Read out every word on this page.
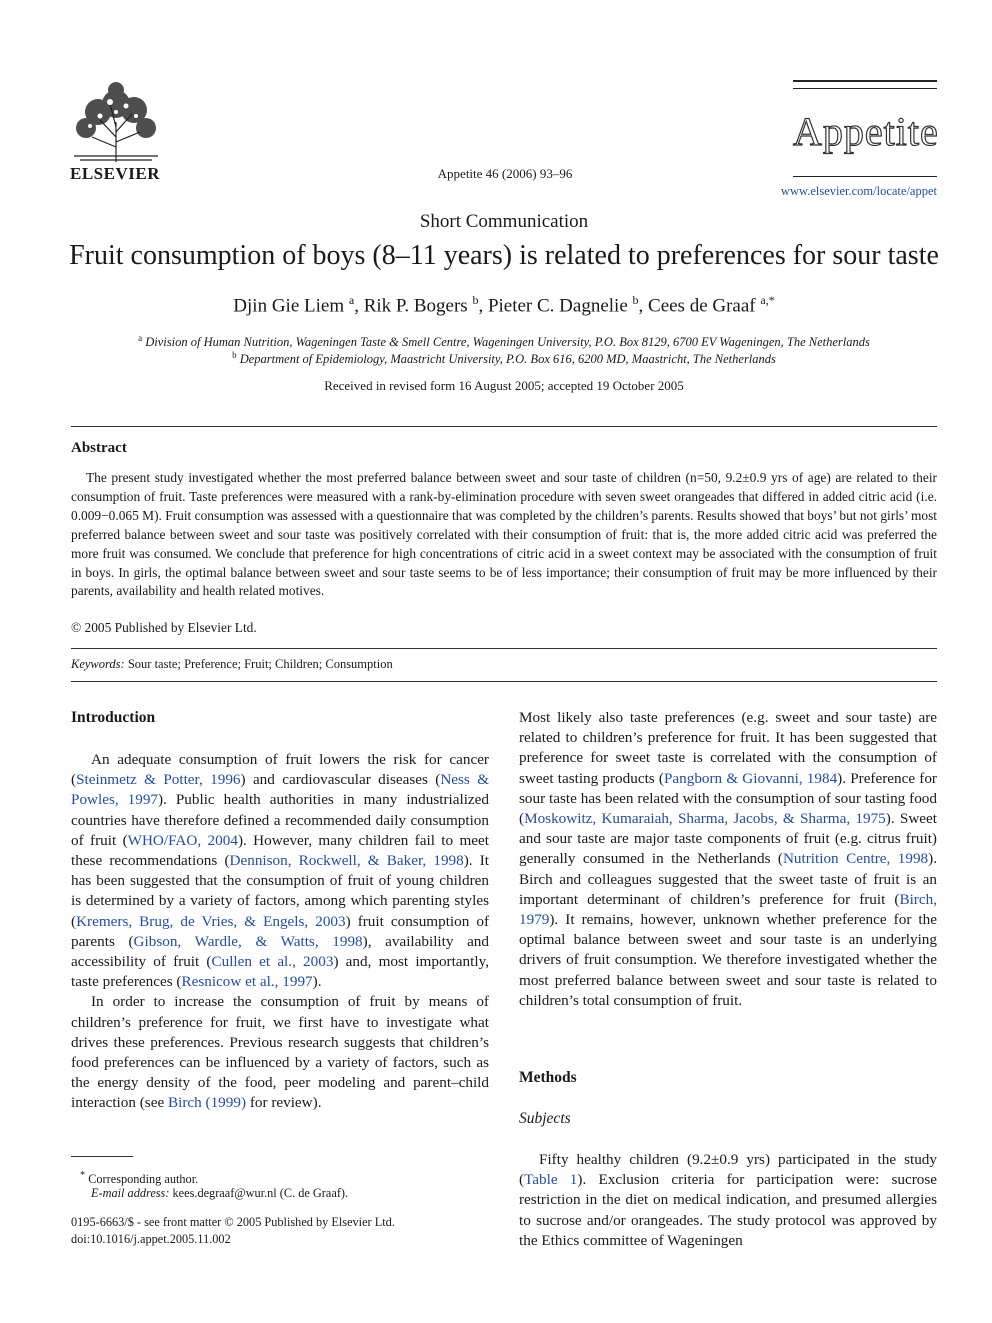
ELSEVIER	Appetite 46 (2006) 93–96
Appetite
www.elsevier.com/locate/appet
Short Communication
Fruit consumption of boys (8–11 years) is related to preferences for sour taste
Djin Gie Liem $^a$, Rik P. Bogers $^b$, Pieter C. Dagnelie $^b$, Cees de Graaf $^{a,*}$
$^a$ Division of Human Nutrition, Wageningen Taste & Smell Centre, Wageningen University, P.O. Box 8129, 6700 EV Wageningen, The Netherlands
$^b$ Department of Epidemiology, Maastricht University, P.O. Box 616, 6200 MD, Maastricht, The Netherlands
Received in revised form 16 August 2005; accepted 19 October 2005
Abstract
The present study investigated whether the most preferred balance between sweet and sour taste of children (n=50, 9.2±0.9 yrs of age) are related to their consumption of fruit. Taste preferences were measured with a rank-by-elimination procedure with seven sweet orangeades that differed in added citric acid (i.e. 0.009−0.065 M). Fruit consumption was assessed with a questionnaire that was completed by the children’s parents. Results showed that boys’ but not girls’ most preferred balance between sweet and sour taste was positively correlated with their consumption of fruit: that is, the more added citric acid was preferred the more fruit was consumed. We conclude that preference for high concentrations of citric acid in a sweet context may be associated with the consumption of fruit in boys. In girls, the optimal balance between sweet and sour taste seems to be of less importance; their consumption of fruit may be more influenced by their parents, availability and health related motives.
© 2005 Published by Elsevier Ltd.
Keywords: Sour taste; Preference; Fruit; Children; Consumption
Introduction

An adequate consumption of fruit lowers the risk for cancer (Steinmetz & Potter, 1996) and cardiovascular diseases (Ness & Powles, 1997). Public health authorities in many industrialized countries have therefore defined a recommended daily consumption of fruit (WHO/FAO, 2004). However, many children fail to meet these recommendations (Dennison, Rockwell, & Baker, 1998). It has been suggested that the consumption of fruit of young children is determined by a variety of factors, among which parenting styles (Kremers, Brug, de Vries, & Engels, 2003) fruit consumption of parents (Gibson, Wardle, & Watts, 1998), availability and accessibility of fruit (Cullen et al., 2003) and, most importantly, taste preferences (Resnicow et al., 1997).

In order to increase the consumption of fruit by means of children’s preference for fruit, we first have to investigate what drives these preferences. Previous research suggests that children’s food preferences can be influenced by a variety of factors, such as the energy density of the food, peer modeling and parent–child interaction (see Birch (1999) for review).

Most likely also taste preferences (e.g. sweet and sour taste) are related to children’s preference for fruit. It has been suggested that preference for sweet taste is correlated with the consumption of sweet tasting products (Pangborn & Giovanni, 1984). Preference for sour taste has been related with the consumption of sour tasting food (Moskowitz, Kumaraiah, Sharma, Jacobs, & Sharma, 1975). Sweet and sour taste are major taste components of fruit (e.g. citrus fruit) generally consumed in the Netherlands (Nutrition Centre, 1998). Birch and colleagues suggested that the sweet taste of fruit is an important determinant of children’s preference for fruit (Birch, 1979). It remains, however, unknown whether preference for the optimal balance between sweet and sour taste is an underlying drivers of fruit consumption. We therefore investigated whether the most preferred balance between sweet and sour taste is related to children’s total consumption of fruit.

Methods
Subjects

Fifty healthy children (9.2±0.9 yrs) participated in the study (Table 1). Exclusion criteria for participation were: sucrose restriction in the diet on medical indication, and presumed allergies to sucrose and/or orangeades. The study protocol was approved by the Ethics committee of Wageningen

* Corresponding author.
E-mail address: kees.degraaf@wur.nl (C. de Graaf).
0195-6663/$ - see front matter © 2005 Published by Elsevier Ltd.
doi:10.1016/j.appet.2005.11.002
